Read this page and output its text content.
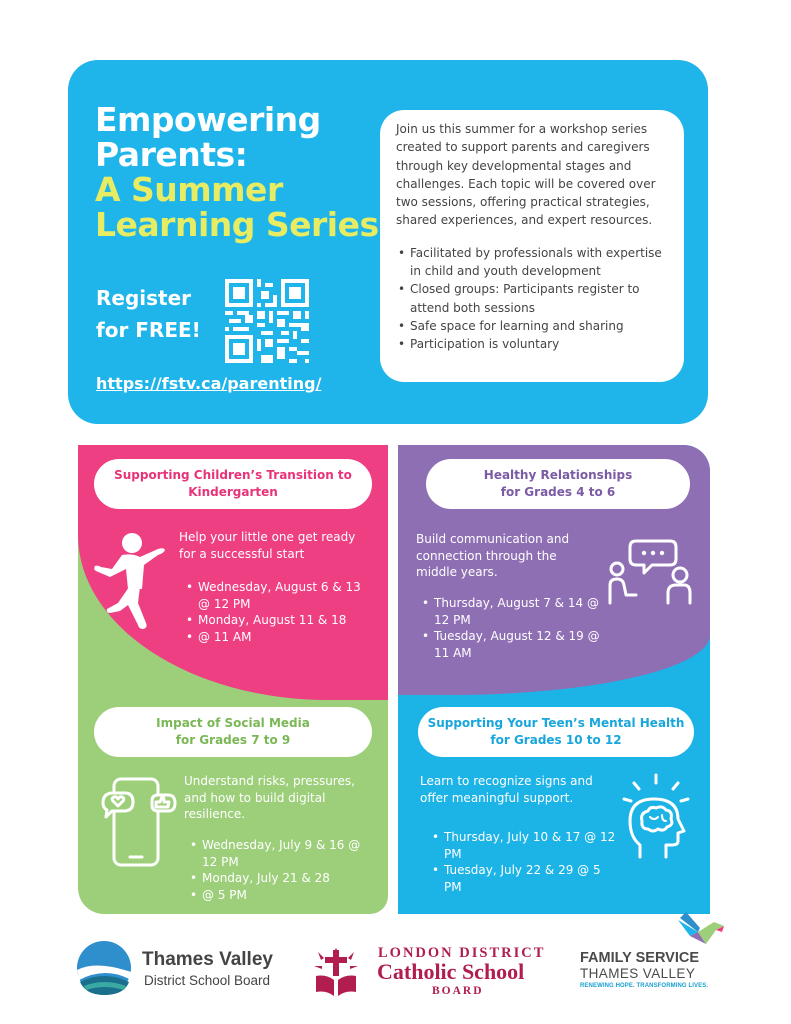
Empowering
Parents:
A Summer
Learning Series
Register
for FREE!
https://fstv.ca/parenting/

Join us this summer for a workshop series created to support parents and caregivers through key developmental stages and challenges. Each topic will be covered over two sessions, offering practical strategies, shared experiences, and expert resources.

• Facilitated by professionals with expertise in child and youth development
• Closed groups: Participants register to attend both sessions
• Safe space for learning and sharing
• Participation is voluntary
Supporting Children’s Transition to
Kindergarten

Help your little one get ready for a successful start

• Wednesday, August 6 & 13 @ 12 PM
• Monday, August 11 & 18
• @ 11 AM
Impact of Social Media
for Grades 7 to 9

Understand risks, pressures, and how to build digital resilience.

• Wednesday, July 9 & 16 @ 12 PM
• Monday, July 21 & 28
• @ 5 PM
Healthy Relationships
for Grades 4 to 6

Build communication and connection through the middle years.

• Thursday, August 7 & 14 @ 12 PM
• Tuesday, August 12 & 19 @ 11 AM
Supporting Your Teen’s Mental Health
for Grades 10 to 12

Learn to recognize signs and offer meaningful support.

• Thursday, July 10 & 17 @ 12 PM
• Tuesday, July 22 & 29 @ 5 PM
Thames Valley
District School Board
LONDON DISTRICT
Catholic School
BOARD
FAMILY SERVICE
THAMES VALLEY
RENEWING HOPE. TRANSFORMING LIVES.
